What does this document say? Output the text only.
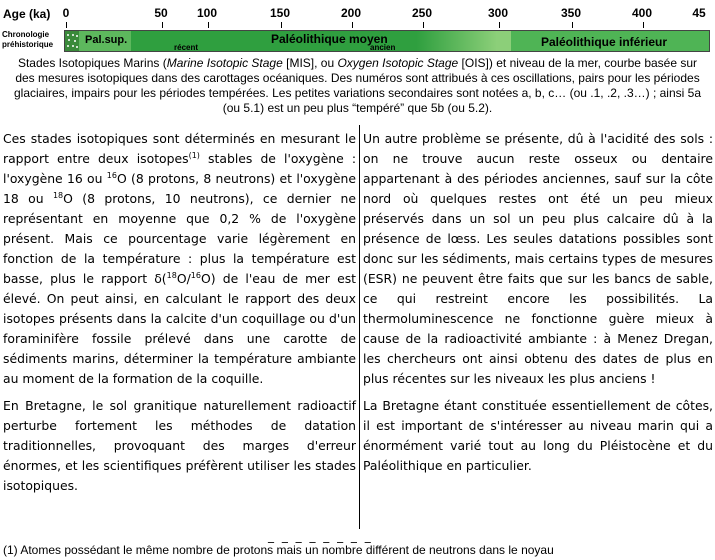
Age (ka) 0	50 100	150	200	250	300	350	400	45
Chronologie
préhistorique	Pal.sup.	Paléolithique moyen
récent	ancien	Paléolithique inférieur
Stades Isotopiques Marins (Marine Isotopic Stage [MIS], ou Oxygen Isotopic Stage [OIS]) et niveau de la mer, courbe basée sur des mesures isotopiques dans des carottages océaniques. Des numéros sont attribués à ces oscillations, pairs pour les périodes glaciaires, impairs pour les périodes tempérées. Les petites variations secondaires sont notées a, b, c… (ou .1, .2, .3…) ; ainsi 5a (ou 5.1) est un peu plus “tempéré” que 5b (ou 5.2).

Ces stades isotopiques sont déterminés en mesurant le rapport entre deux isotopes$^{(1)}$ stables de l'oxygène : l'oxygène 16 ou $^{16}$O (8 protons, 8 neutrons) et l'oxygène 18 ou $^{18}$O (8 protons, 10 neutrons), ce dernier ne représentant en moyenne que 0,2 % de l'oxygène présent. Mais ce pourcentage varie légèrement en fonction de la température : plus la température est basse, plus le rapport δ($^{18}$O/$^{16}$O) de l'eau de mer est élevé. On peut ainsi, en calculant le rapport des deux isotopes présents dans la calcite d'un coquillage ou d'un foraminifère fossile prélevé dans une carotte de sédiments marins, déterminer la température ambiante au moment de la formation de la coquille.

En Bretagne, le sol granitique naturellement radioactif perturbe fortement les méthodes de datation traditionnelles, provoquant des marges d'erreur énormes, et les scientifiques préfèrent utiliser les stades isotopiques.

Un autre problème se présente, dû à l'acidité des sols : on ne trouve aucun reste osseux ou dentaire appartenant à des périodes anciennes, sauf sur la côte nord où quelques restes ont été un peu mieux préservés dans un sol un peu plus calcaire dû à la présence de lœss. Les seules datations possibles sont donc sur les sédiments, mais certains types de mesures (ESR) ne peuvent être faits que sur les bancs de sable, ce qui restreint encore les possibilités. La thermoluminescence ne fonctionne guère mieux à cause de la radioactivité ambiante : à Menez Dregan, les chercheurs ont ainsi obtenu des dates de plus en plus récentes sur les niveaux les plus anciens !

La Bretagne étant constituée essentiellement de côtes, il est important de s'intéresser au niveau marin qui a énormément varié tout au long du Pléistocène et du Paléolithique en particulier.

_ _ _ _ _ _ _ _
(1) Atomes possédant le même nombre de protons mais un nombre différent de neutrons dans le noyau
